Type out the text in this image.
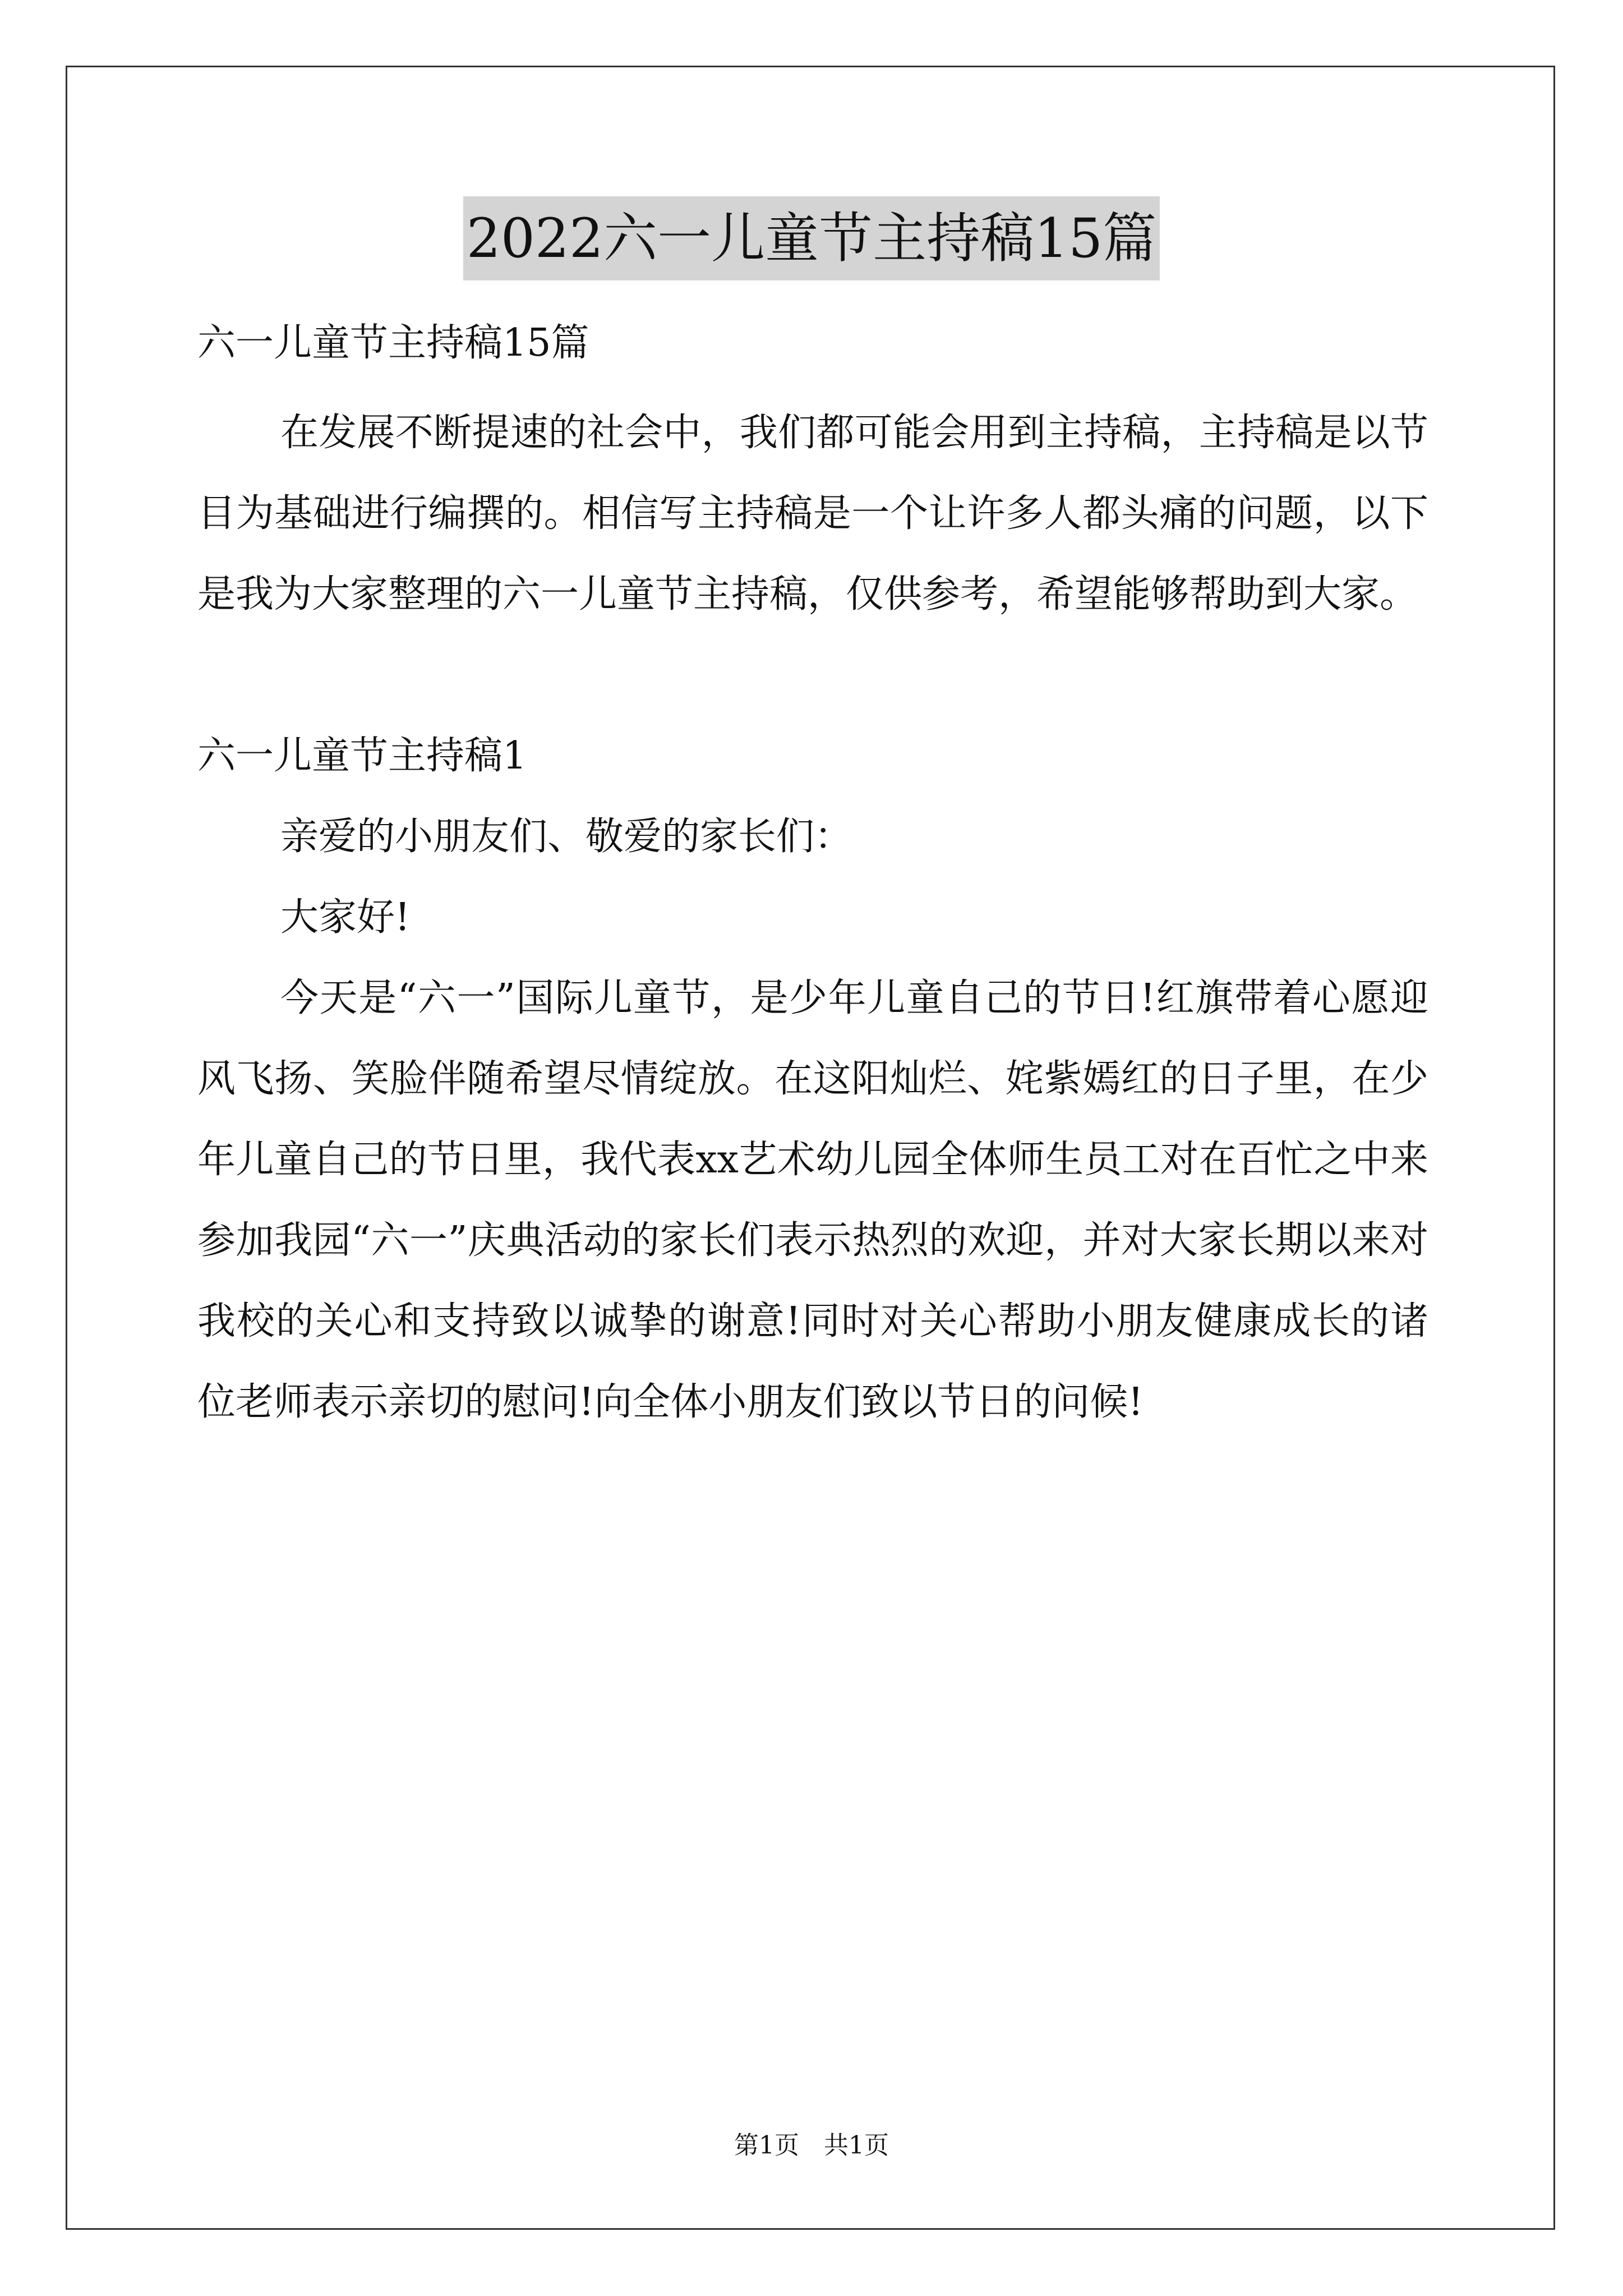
2022六一儿童节主持稿15篇

六一儿童节主持稿15篇

在发展不断提速的社会中，我们都可能会用到主持稿，主持稿是以节目为基础进行编撰的。相信写主持稿是一个让许多人都头痛的问题，以下是我为大家整理的六一儿童节主持稿，仅供参考，希望能够帮助到大家。

六一儿童节主持稿1

亲爱的小朋友们、敬爱的家长们：

大家好!

今天是“六一”国际儿童节，是少年儿童自己的节日!红旗带着心愿迎风飞扬、笑脸伴随希望尽情绽放。在这阳灿烂、姹紫嫣红的日子里，在少年儿童自己的节日里，我代表xx艺术幼儿园全体师生员工对在百忙之中来参加我园“六一”庆典活动的家长们表示热烈的欢迎，并对大家长期以来对我校的关心和支持致以诚挚的谢意!同时对关心帮助小朋友健康成长的诸位老师表示亲切的慰问!向全体小朋友们致以节日的问候!

第1页　共1页
